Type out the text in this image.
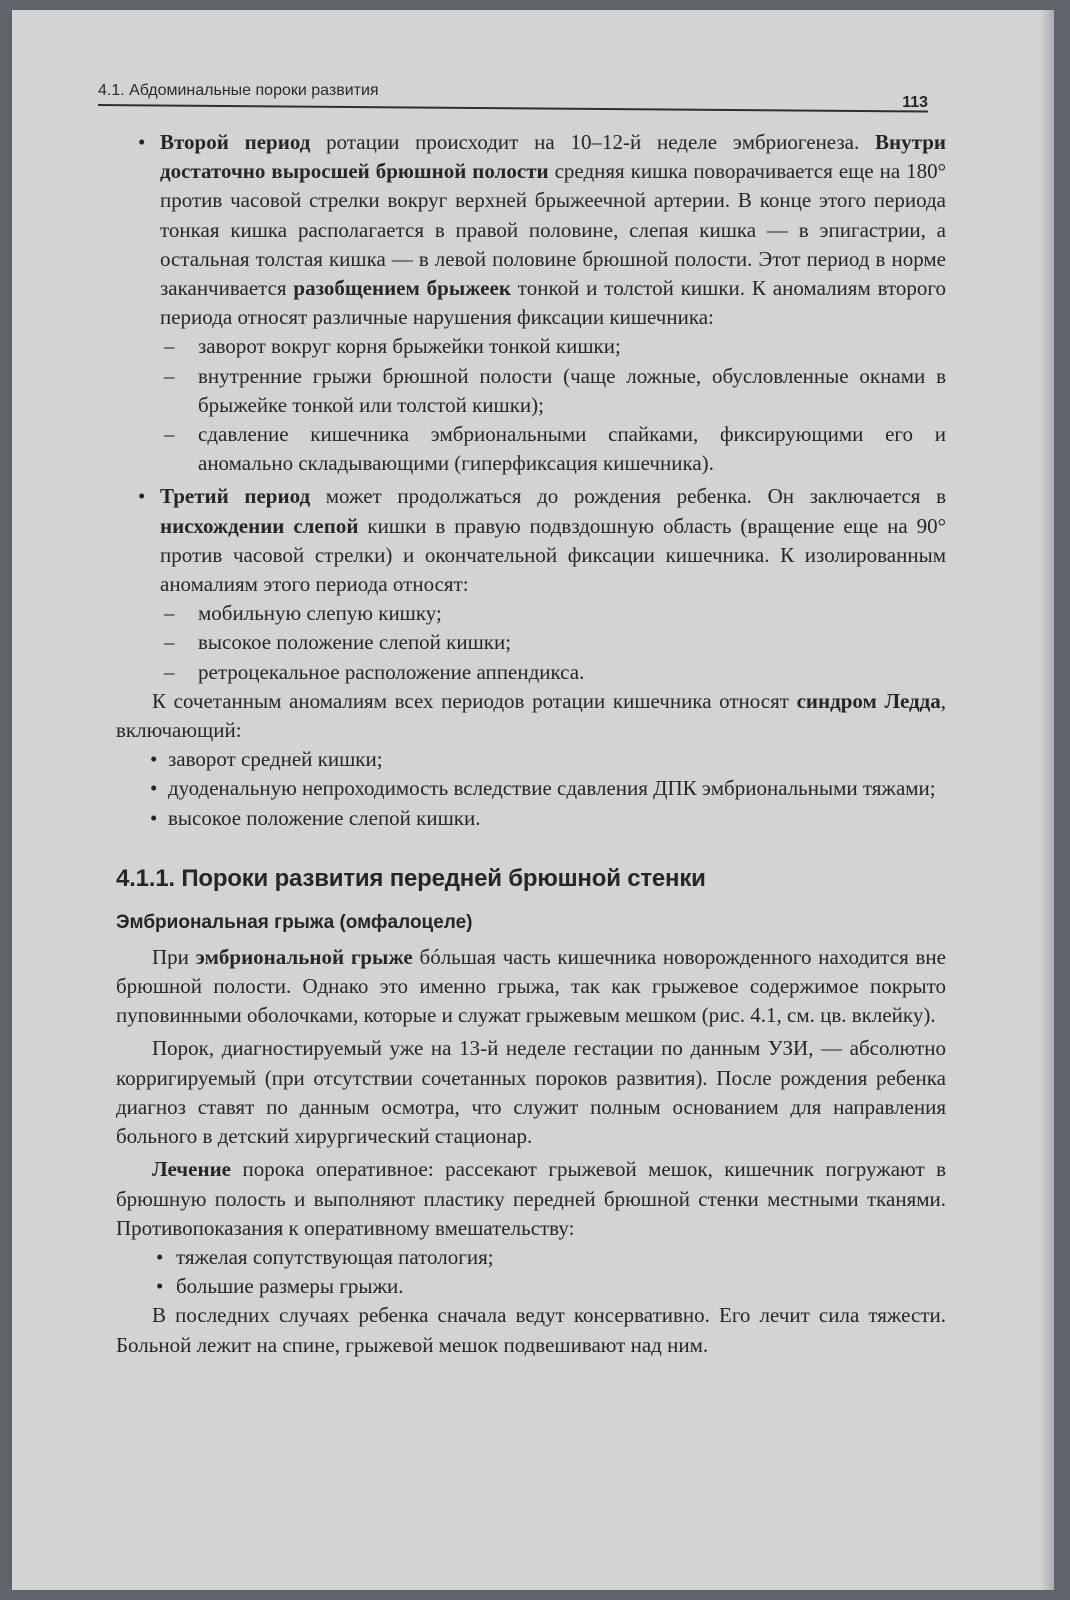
4.1. Абдоминальные пороки развития
113
• Второй период ротации происходит на 10–12-й неделе эмбриогенеза. Внутри достаточно выросшей брюшной полости средняя кишка поворачивается еще на 180° против часовой стрелки вокруг верхней брыжеечной артерии. В конце этого периода тонкая кишка располагается в правой половине, слепая кишка — в эпигастрии, а остальная толстая кишка — в левой половине брюшной полости. Этот период в норме заканчивается разобщением брыжеек тонкой и толстой кишки. К аномалиям второго периода относят различные нарушения фиксации кишечника:
– заворот вокруг корня брыжейки тонкой кишки;
– внутренние грыжи брюшной полости (чаще ложные, обусловленные окнами в брыжейке тонкой или толстой кишки);
– сдавление кишечника эмбриональными спайками, фиксирующими его и аномально складывающими (гиперфиксация кишечника).
• Третий период может продолжаться до рождения ребенка. Он заключается в нисхождении слепой кишки в правую подвздошную область (вращение еще на 90° против часовой стрелки) и окончательной фиксации кишечника. К изолированным аномалиям этого периода относят:
– мобильную слепую кишку;
– высокое положение слепой кишки;
– ретроцекальное расположение аппендикса.

К сочетанным аномалиям всех периодов ротации кишечника относят синдром Ледда, включающий:

• заворот средней кишки;
• дуоденальную непроходимость вследствие сдавления ДПК эмбриональными тяжами;
• высокое положение слепой кишки.
4.1.1. Пороки развития передней брюшной стенки
Эмбриональная грыжа (омфалоцеле)

При эмбриональной грыже бóльшая часть кишечника новорожденного находится вне брюшной полости. Однако это именно грыжа, так как грыжевое содержимое покрыто пуповинными оболочками, которые и служат грыжевым мешком (рис. 4.1, см. цв. вклейку).

Порок, диагностируемый уже на 13-й неделе гестации по данным УЗИ, — абсолютно корригируемый (при отсутствии сочетанных пороков развития). После рождения ребенка диагноз ставят по данным осмотра, что служит полным основанием для направления больного в детский хирургический стационар.

Лечение порока оперативное: рассекают грыжевой мешок, кишечник погружают в брюшную полость и выполняют пластику передней брюшной стенки местными тканями. Противопоказания к оперативному вмешательству:

• тяжелая сопутствующая патология;
• большие размеры грыжи.

В последних случаях ребенка сначала ведут консервативно. Его лечит сила тяжести. Больной лежит на спине, грыжевой мешок подвешивают над ним.
